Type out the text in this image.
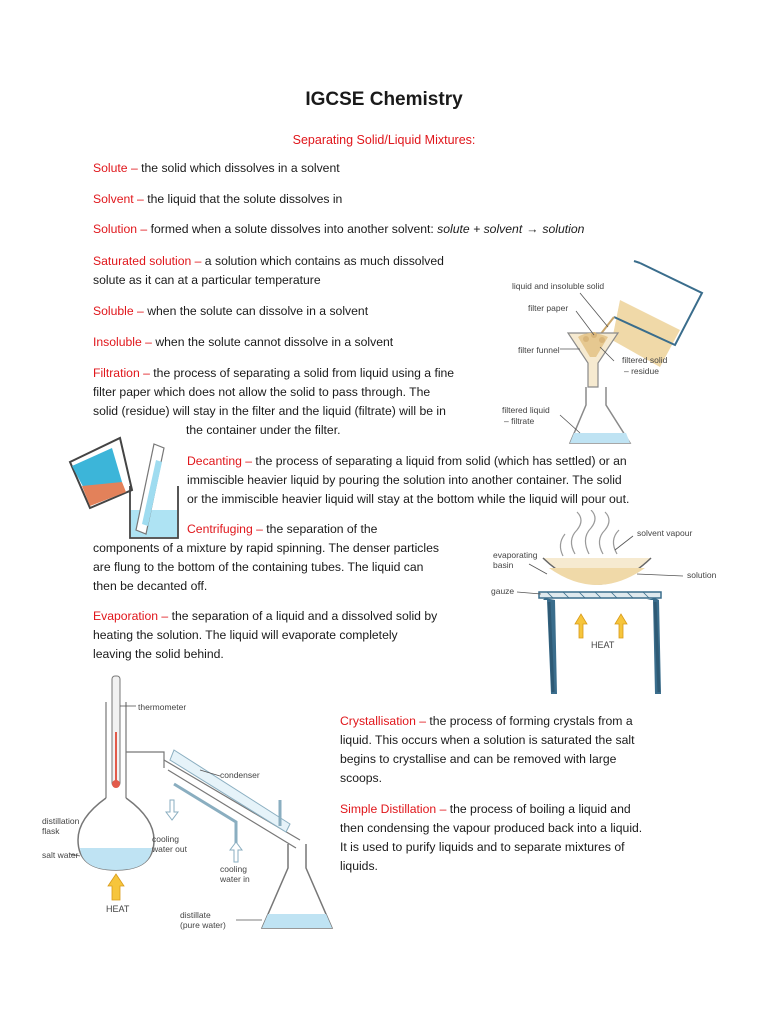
IGCSE Chemistry
Separating Solid/Liquid Mixtures:
Solute – the solid which dissolves in a solvent
Solvent – the liquid that the solute dissolves in
Solution – formed when a solute dissolves into another solvent: solute + solvent → solution
Saturated solution – a solution which contains as much dissolved
solute as it can at a particular temperature
Soluble – when the solute can dissolve in a solvent
Insoluble – when the solute cannot dissolve in a solvent
Filtration – the process of separating a solid from liquid using a fine
filter paper which does not allow the solid to pass through. The
solid (residue) will stay in the filter and the liquid (filtrate) will be in
the container under the filter.
Decanting – the process of separating a liquid from solid (which has settled) or an
immiscible heavier liquid by pouring the solution into another container. The solid
or the immiscible heavier liquid will stay at the bottom while the liquid will pour out.
Centrifuging – the separation of the
components of a mixture by rapid spinning. The denser particles
are flung to the bottom of the containing tubes. The liquid can
then be decanted off.
Evaporation – the separation of a liquid and a dissolved solid by
heating the solution. The liquid will evaporate completely
leaving the solid behind.
Crystallisation – the process of forming crystals from a
liquid. This occurs when a solution is saturated the salt
begins to crystallise and can be removed with large
scoops.
Simple Distillation – the process of boiling a liquid and
then condensing the vapour produced back into a liquid.
It is used to purify liquids and to separate mixtures of
liquids.
liquid and insoluble solid
filter paper
filter funnel
filtered solid
– residue
filtered liquid
– filtrate
solvent vapour
evaporating
basin
solution
gauze
HEAT
thermometer
condenser
distillation
flask
salt water
cooling
water out
cooling
water in
HEAT
distillate
(pure water)
